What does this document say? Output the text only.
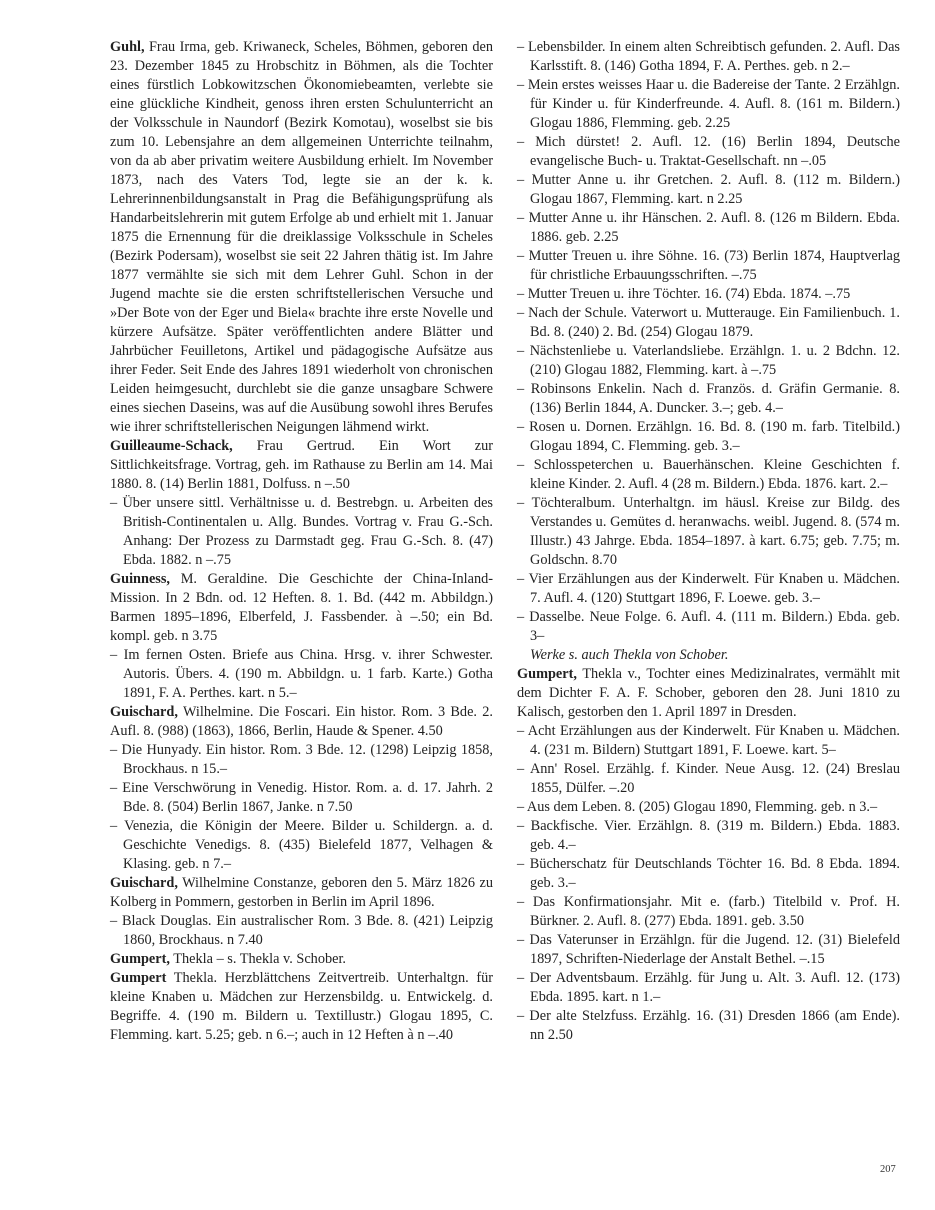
Guhl, Frau Irma, geb. Kriwaneck, Scheles, Böhmen, geboren den 23. Dezember 1845 zu Hrobschitz in Böhmen, als die Tochter eines fürstlich Lobkowitzschen Ökonomiebeamten, verlebte sie eine glückliche Kindheit, genoss ihren ersten Schulunterricht an der Volksschule in Naundorf (Bezirk Komotau), woselbst sie bis zum 10. Lebensjahre an dem allgemeinen Unterrichte teilnahm, von da ab aber privatim weitere Ausbildung erhielt. Im November 1873, nach des Vaters Tod, legte sie an der k. k. Lehrerinnenbildungsanstalt in Prag die Befähigungsprüfung als Handarbeitslehrerin mit gutem Erfolge ab und erhielt mit 1. Januar 1875 die Ernennung für die dreiklassige Volksschule in Scheles (Bezirk Podersam), woselbst sie seit 22 Jahren thätig ist. Im Jahre 1877 vermählte sie sich mit dem Lehrer Guhl. Schon in der Jugend machte sie die ersten schriftstellerischen Versuche und »Der Bote von der Eger und Biela« brachte ihre erste Novelle und kürzere Aufsätze. Später veröffentlichten andere Blätter und Jahrbücher Feuilletons, Artikel und pädagogische Aufsätze aus ihrer Feder. Seit Ende des Jahres 1891 wiederholt von chronischen Leiden heimgesucht, durchlebt sie die ganze unsagbare Schwere eines siechen Daseins, was auf die Ausübung sowohl ihres Berufes wie ihrer schriftstellerischen Neigungen lähmend wirkt.

Guilleaume-Schack, Frau Gertrud. Ein Wort zur Sittlichkeitsfrage. Vortrag, geh. im Rathause zu Berlin am 14. Mai 1880. 8. (14) Berlin 1881, Dolfuss. n –.50

– Über unsere sittl. Verhältnisse u. d. Bestrebgn. u. Arbeiten des British-Continentalen u. Allg. Bundes. Vortrag v. Frau G.-Sch. Anhang: Der Prozess zu Darmstadt geg. Frau G.-Sch. 8. (47) Ebda. 1882. n –.75

Guinness, M. Geraldine. Die Geschichte der China-Inland-Mission. In 2 Bdn. od. 12 Heften. 8. 1. Bd. (442 m. Abbildgn.) Barmen 1895–1896, Elberfeld, J. Fassbender. à –.50; ein Bd. kompl. geb. n 3.75

– Im fernen Osten. Briefe aus China. Hrsg. v. ihrer Schwester. Autoris. Übers. 4. (190 m. Abbildgn. u. 1 farb. Karte.) Gotha 1891, F. A. Perthes. kart. n 5.–

Guischard, Wilhelmine. Die Foscari. Ein histor. Rom. 3 Bde. 2. Aufl. 8. (988) (1863), 1866, Berlin, Haude & Spener. 4.50

– Die Hunyady. Ein histor. Rom. 3 Bde. 12. (1298) Leipzig 1858, Brockhaus. n 15.–

– Eine Verschwörung in Venedig. Histor. Rom. a. d. 17. Jahrh. 2 Bde. 8. (504) Berlin 1867, Janke. n 7.50

– Venezia, die Königin der Meere. Bilder u. Schildergn. a. d. Geschichte Venedigs. 8. (435) Bielefeld 1877, Velhagen & Klasing. geb. n 7.–

Guischard, Wilhelmine Constanze, geboren den 5. März 1826 zu Kolberg in Pommern, gestorben in Berlin im April 1896.

– Black Douglas. Ein australischer Rom. 3 Bde. 8. (421) Leipzig 1860, Brockhaus. n 7.40

Gumpert, Thekla – s. Thekla v. Schober.

Gumpert Thekla. Herzblättchens Zeitvertreib. Unterhaltgn. für kleine Knaben u. Mädchen zur Herzensbildg. u. Entwickelg. d. Begriffe. 4. (190 m. Bildern u. Textillustr.) Glogau 1895, C. Flemming. kart. 5.25; geb. n 6.–; auch in 12 Heften à n –.40

– Lebensbilder. In einem alten Schreibtisch gefunden. 2. Aufl. Das Karlsstift. 8. (146) Gotha 1894, F. A. Perthes. geb. n 2.–

– Mein erstes weisses Haar u. die Badereise der Tante. 2 Erzählgn. für Kinder u. für Kinderfreunde. 4. Aufl. 8. (161 m. Bildern.) Glogau 1886, Flemming. geb. 2.25

– Mich dürstet! 2. Aufl. 12. (16) Berlin 1894, Deutsche evangelische Buch- u. Traktat-Gesellschaft. nn –.05

– Mutter Anne u. ihr Gretchen. 2. Aufl. 8. (112 m. Bildern.) Glogau 1867, Flemming. kart. n 2.25

– Mutter Anne u. ihr Hänschen. 2. Aufl. 8. (126 m Bildern. Ebda. 1886. geb. 2.25

– Mutter Treuen u. ihre Söhne. 16. (73) Berlin 1874, Hauptverlag für christliche Erbauungsschriften. –.75

– Mutter Treuen u. ihre Töchter. 16. (74) Ebda. 1874. –.75

– Nach der Schule. Vaterwort u. Mutterauge. Ein Familienbuch. 1. Bd. 8. (240) 2. Bd. (254) Glogau 1879.

– Nächstenliebe u. Vaterlandsliebe. Erzählgn. 1. u. 2 Bdchn. 12. (210) Glogau 1882, Flemming. kart. à –.75

– Robinsons Enkelin. Nach d. Französ. d. Gräfin Germanie. 8. (136) Berlin 1844, A. Duncker. 3.–; geb. 4.–

– Rosen u. Dornen. Erzählgn. 16. Bd. 8. (190 m. farb. Titelbild.) Glogau 1894, C. Flemming. geb. 3.–

– Schlosspeterchen u. Bauerhänschen. Kleine Geschichten f. kleine Kinder. 2. Aufl. 4 (28 m. Bildern.) Ebda. 1876. kart. 2.–

– Töchteralbum. Unterhaltgn. im häusl. Kreise zur Bildg. des Verstandes u. Gemütes d. heranwachs. weibl. Jugend. 8. (574 m. Illustr.) 43 Jahrge. Ebda. 1854–1897. à kart. 6.75; geb. 7.75; m. Goldschn. 8.70

– Vier Erzählungen aus der Kinderwelt. Für Knaben u. Mädchen. 7. Aufl. 4. (120) Stuttgart 1896, F. Loewe. geb. 3.–

– Dasselbe. Neue Folge. 6. Aufl. 4. (111 m. Bildern.) Ebda. geb. 3–

Werke s. auch Thekla von Schober.

Gumpert, Thekla v., Tochter eines Medizinalrates, vermählt mit dem Dichter F. A. F. Schober, geboren den 28. Juni 1810 zu Kalisch, gestorben den 1. April 1897 in Dresden.

– Acht Erzählungen aus der Kinderwelt. Für Knaben u. Mädchen. 4. (231 m. Bildern) Stuttgart 1891, F. Loewe. kart. 5–

– Ann' Rosel. Erzählg. f. Kinder. Neue Ausg. 12. (24) Breslau 1855, Dülfer. –.20

– Aus dem Leben. 8. (205) Glogau 1890, Flemming. geb. n 3.–

– Backfische. Vier. Erzählgn. 8. (319 m. Bildern.) Ebda. 1883. geb. 4.–

– Bücherschatz für Deutschlands Töchter 16. Bd. 8 Ebda. 1894. geb. 3.–

– Das Konfirmationsjahr. Mit e. (farb.) Titelbild v. Prof. H. Bürkner. 2. Aufl. 8. (277) Ebda. 1891. geb. 3.50

– Das Vaterunser in Erzählgn. für die Jugend. 12. (31) Bielefeld 1897, Schriften-Niederlage der Anstalt Bethel. –.15

– Der Adventsbaum. Erzählg. für Jung u. Alt. 3. Aufl. 12. (173) Ebda. 1895. kart. n 1.–

– Der alte Stelzfuss. Erzählg. 16. (31) Dresden 1866 (am Ende). nn 2.50

207
